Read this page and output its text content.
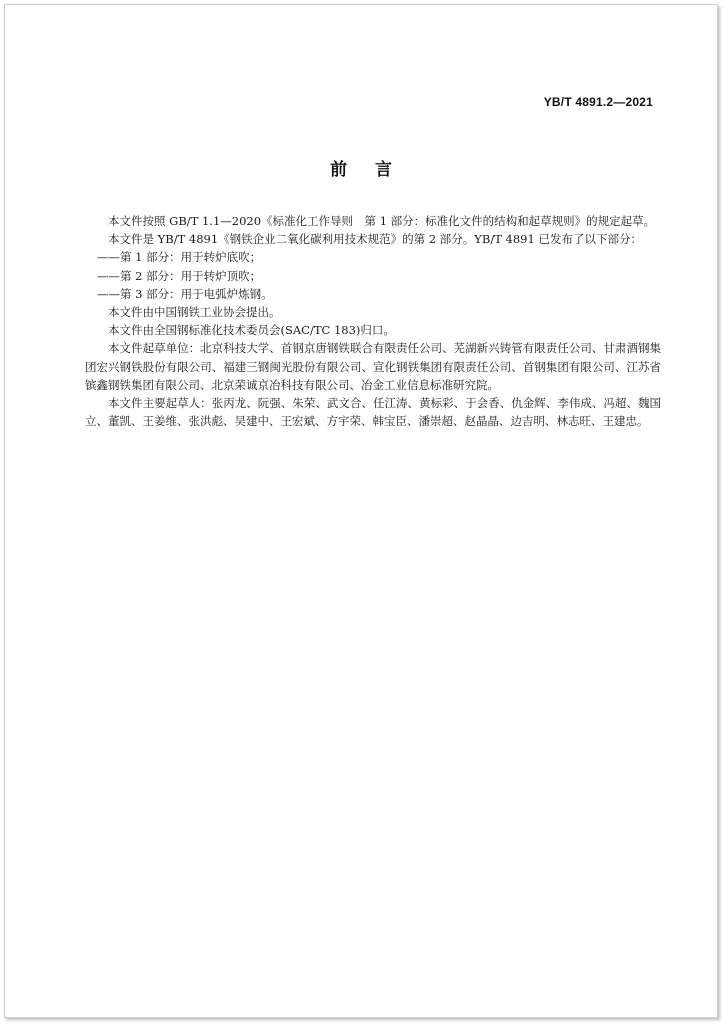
YB/T 4891.2—2021
前言

本文件按照 GB/T 1.1—2020《标准化工作导则　第 1 部分：标准化文件的结构和起草规则》的规定起草。

本文件是 YB/T 4891《钢铁企业二氧化碳利用技术规范》的第 2 部分。YB/T 4891 已发布了以下部分：

——第 1 部分：用于转炉底吹；

——第 2 部分：用于转炉顶吹；

——第 3 部分：用于电弧炉炼钢。

本文件由中国钢铁工业协会提出。

本文件由全国钢标准化技术委员会(SAC/TC 183)归口。

本文件起草单位：北京科技大学、首钢京唐钢铁联合有限责任公司、芜湖新兴铸管有限责任公司、甘肃酒钢集团宏兴钢铁股份有限公司、福建三钢闽光股份有限公司、宣化钢铁集团有限责任公司、首钢集团有限公司、江苏省镔鑫钢铁集团有限公司、北京荣诚京冶科技有限公司、冶金工业信息标准研究院。

本文件主要起草人：张丙龙、阮强、朱荣、武文合、任江涛、黄标彩、于会香、仇金辉、李伟成、冯超、魏国立、董凯、王姜维、张洪彪、吴建中、王宏斌、方宇荣、韩宝臣、潘崇超、赵晶晶、边吉明、林志旺、王建忠。
